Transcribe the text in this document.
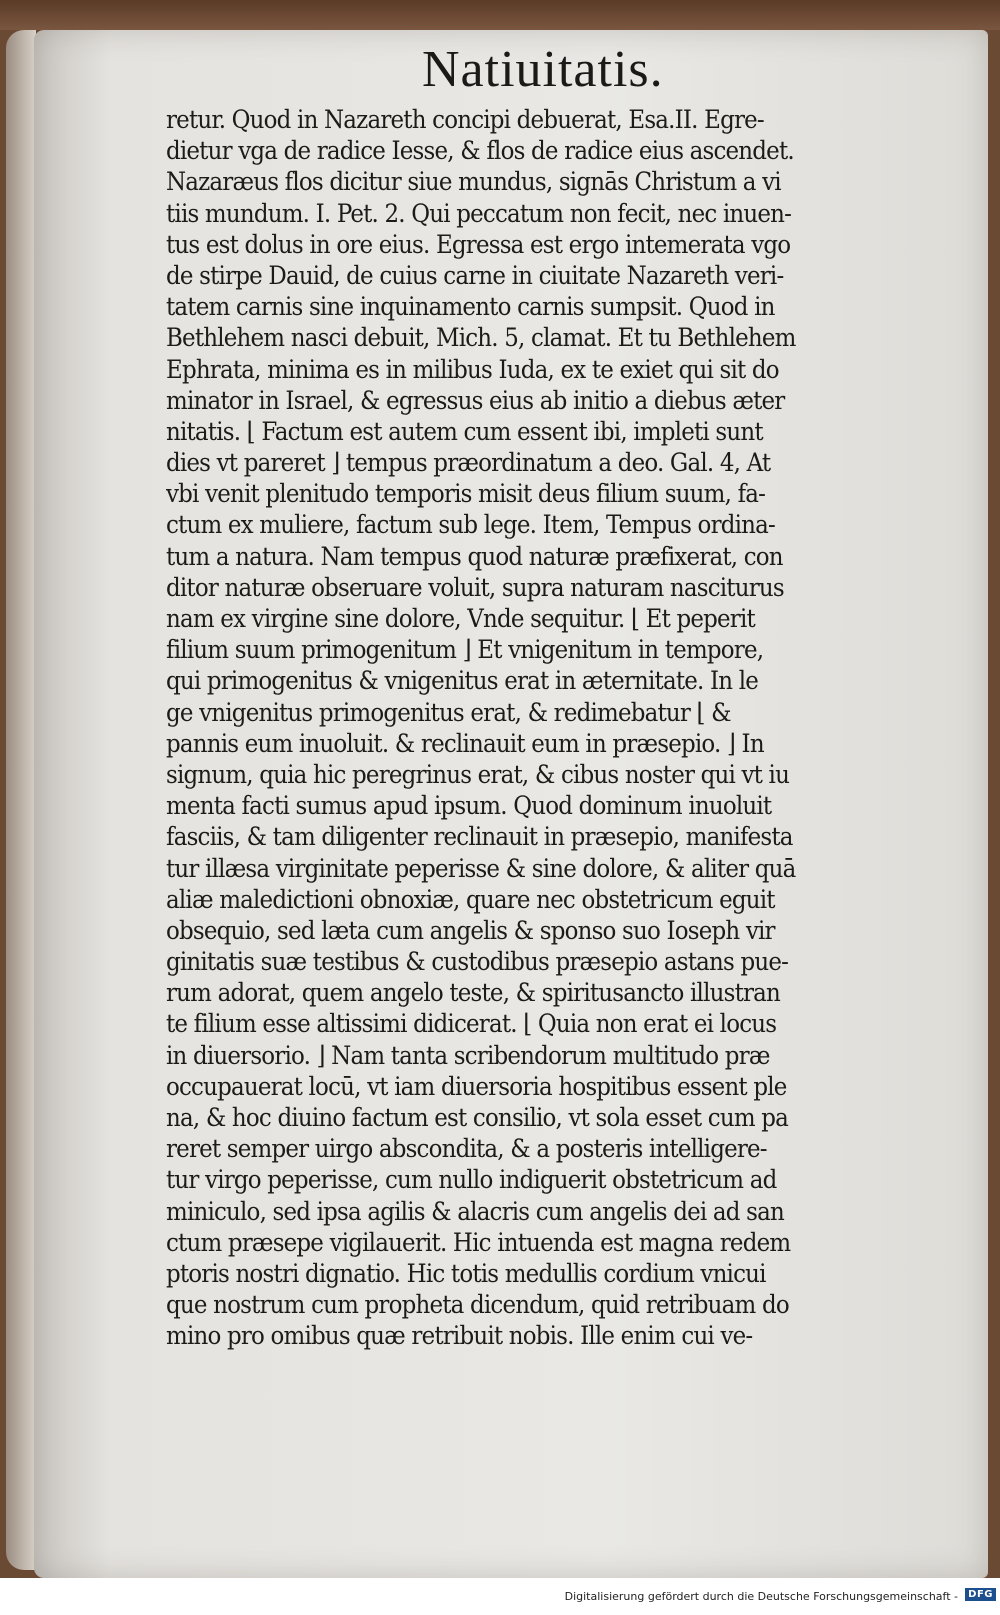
Natiuitatis.
retur. Quod in Nazareth concipi debuerat, Esa.II. Egre-
dietur vga de radice Iesse, & flos de radice eius ascendet.
Nazaræus flos dicitur siue mundus, signās Christum a vi
tiis mundum. I. Pet. 2. Qui peccatum non fecit, nec inuen-
tus est dolus in ore eius. Egressa est ergo intemerata vgo
de stirpe Dauid, de cuius carne in ciuitate Nazareth veri-
tatem carnis sine inquinamento carnis sumpsit. Quod in
Bethlehem nasci debuit, Mich. 5, clamat. Et tu Bethlehem
Ephrata, minima es in milibus Iuda, ex te exiet qui sit do
minator in Israel, & egressus eius ab initio a diebus æter
nitatis. ⌊ Factum est autem cum essent ibi, impleti sunt
dies vt pareret ⌋ tempus præordinatum a deo. Gal. 4, At
vbi venit plenitudo temporis misit deus filium suum, fa-
ctum ex muliere, factum sub lege. Item, Tempus ordina-
tum a natura. Nam tempus quod naturæ præfixerat, con
ditor naturæ obseruare voluit, supra naturam nasciturus
nam ex virgine sine dolore, Vnde sequitur. ⌊ Et peperit
filium suum primogenitum ⌋ Et vnigenitum in tempore,
qui primogenitus & vnigenitus erat in æternitate. In le
ge vnigenitus primogenitus erat, & redimebatur ⌊ &
pannis eum inuoluit. & reclinauit eum in præsepio. ⌋ In
signum, quia hic peregrinus erat, & cibus noster qui vt iu
menta facti sumus apud ipsum. Quod dominum inuoluit
fasciis, & tam diligenter reclinauit in præsepio, manifesta
tur illæsa virginitate peperisse & sine dolore, & aliter quā
aliæ maledictioni obnoxiæ, quare nec obstetricum eguit
obsequio, sed læta cum angelis & sponso suo Ioseph vir
ginitatis suæ testibus & custodibus præsepio astans pue-
rum adorat, quem angelo teste, & spiritusancto illustran
te filium esse altissimi didicerat. ⌊ Quia non erat ei locus
in diuersorio. ⌋ Nam tanta scribendorum multitudo præ
occupauerat locū, vt iam diuersoria hospitibus essent ple
na, & hoc diuino factum est consilio, vt sola esset cum pa
reret semper uirgo abscondita, & a posteris intelligere-
tur virgo peperisse, cum nullo indiguerit obstetricum ad
miniculo, sed ipsa agilis & alacris cum angelis dei ad san
ctum præsepe vigilauerit. Hic intuenda est magna redem
ptoris nostri dignatio. Hic totis medullis cordium vnicui
que nostrum cum propheta dicendum, quid retribuam do
mino pro omibus quæ retribuit nobis. Ille enim cui ve-
Digitalisierung gefördert durch die Deutsche Forschungsgemeinschaft -	DFG
